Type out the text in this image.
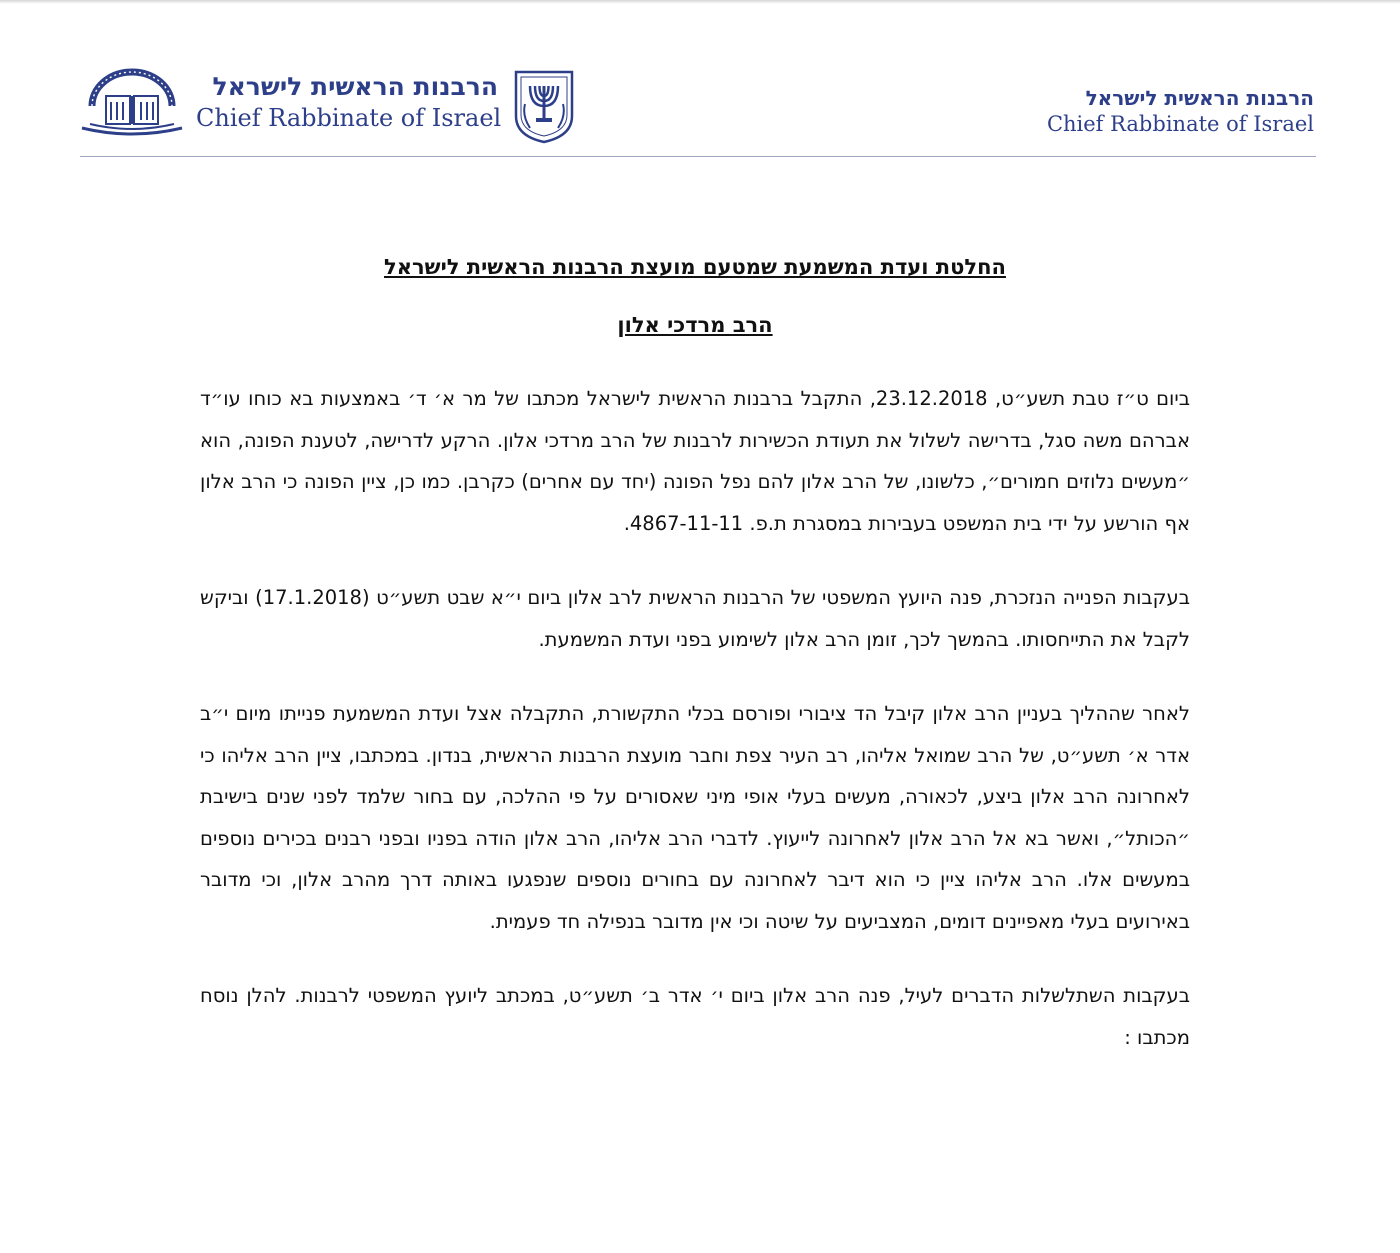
הרבנות הראשית לישראל
Chief Rabbinate of Israel
הרבנות הראשית לישראל
Chief Rabbinate of Israel
החלטת ועדת המשמעת שמטעם מועצת הרבנות הראשית לישראל
הרב מרדכי אלון

ביום ט״ז טבת תשע״ט, 23.12.2018, התקבל ברבנות הראשית לישראל מכתבו של מר א׳ ד׳ באמצעות בא כוחו עו״ד אברהם משה סגל, בדרישה לשלול את תעודת הכשירות לרבנות של הרב מרדכי אלון. הרקע לדרישה, לטענת הפונה, הוא ״מעשים נלוזים חמורים״, כלשונו, של הרב אלון להם נפל הפונה (יחד עם אחרים) כקרבן. כמו כן, ציין הפונה כי הרב אלון אף הורשע על ידי בית המשפט בעבירות במסגרת ת.פ. 4867-11-11.

בעקבות הפנייה הנזכרת, פנה היועץ המשפטי של הרבנות הראשית לרב אלון ביום י״א שבט תשע״ט (17.1.2018) וביקש לקבל את התייחסותו. בהמשך לכך, זומן הרב אלון לשימוע בפני ועדת המשמעת.

לאחר שההליך בעניין הרב אלון קיבל הד ציבורי ופורסם בכלי התקשורת, התקבלה אצל ועדת המשמעת פנייתו מיום י״ב אדר א׳ תשע״ט, של הרב שמואל אליהו, רב העיר צפת וחבר מועצת הרבנות הראשית, בנדון. במכתבו, ציין הרב אליהו כי לאחרונה הרב אלון ביצע, לכאורה, מעשים בעלי אופי מיני שאסורים על פי ההלכה, עם בחור שלמד לפני שנים בישיבת ״הכותל״, ואשר בא אל הרב אלון לאחרונה לייעוץ. לדברי הרב אליהו, הרב אלון הודה בפניו ובפני רבנים בכירים נוספים במעשים אלו. הרב אליהו ציין כי הוא דיבר לאחרונה עם בחורים נוספים שנפגעו באותה דרך מהרב אלון, וכי מדובר באירועים בעלי מאפיינים דומים, המצביעים על שיטה וכי אין מדובר בנפילה חד פעמית.

בעקבות השתלשלות הדברים לעיל, פנה הרב אלון ביום י׳ אדר ב׳ תשע״ט, במכתב ליועץ המשפטי לרבנות. להלן נוסח מכתבו :
